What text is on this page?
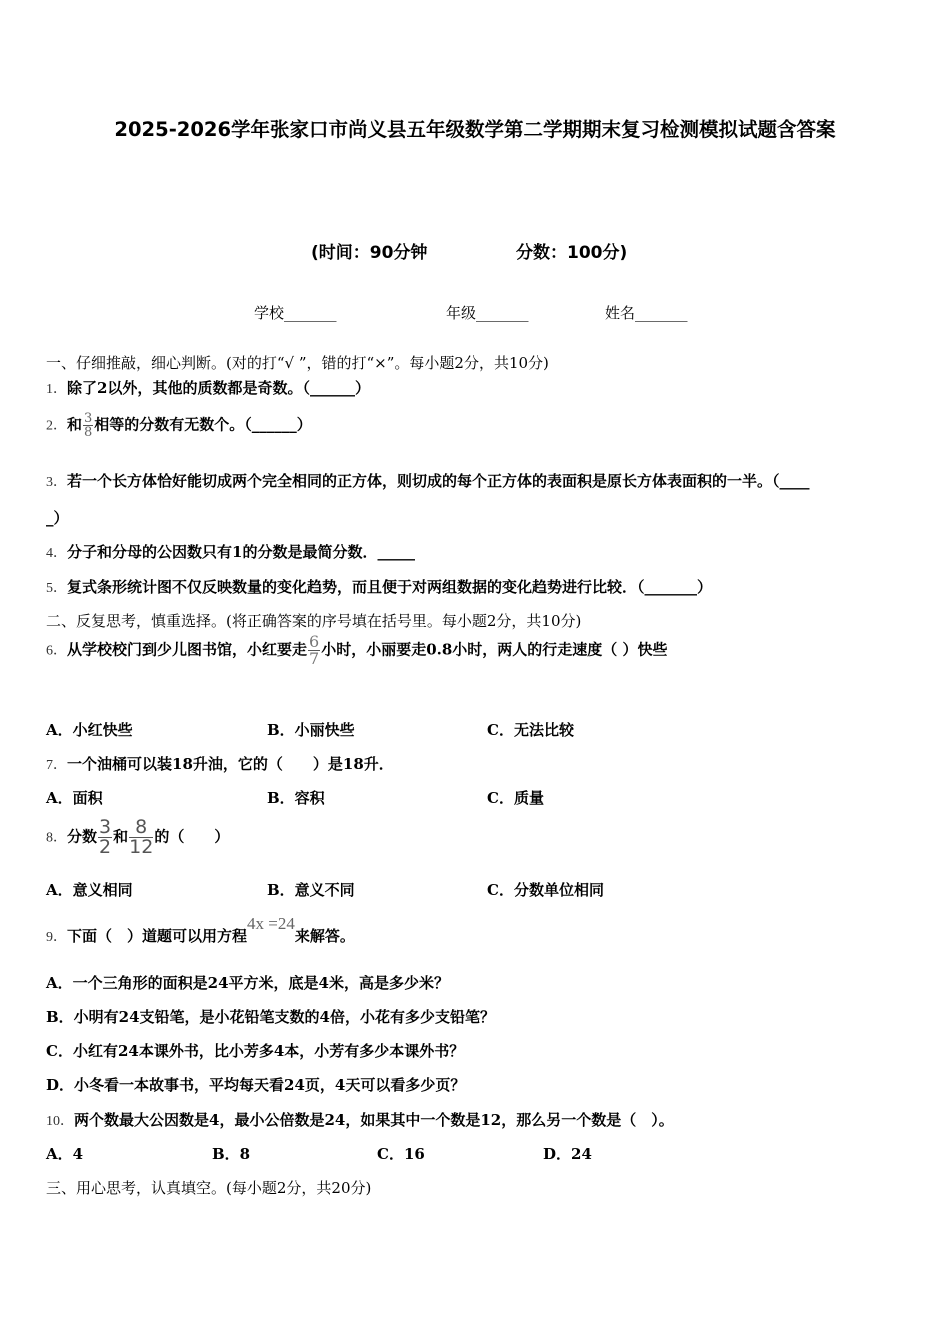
2025-2026学年张家口市尚义县五年级数学第二学期期末复习检测模拟试题含答案
(时间：90分钟	分数：100分)
学校_______	年级_______	姓名_______
一、仔细推敲，细心判断。(对的打“√ ”，错的打“×”。每小题2分，共10分)
1．除了2以外，其他的质数都是奇数。（______）
2．和 $\frac{3}{8}$ 相等的分数有无数个。（______）
3．若一个长方体恰好能切成两个完全相同的正方体，则切成的每个正方体的表面积是原长方体表面积的一半。（____
_）
4．分子和分母的公因数只有1的分数是最简分数．_____
5．复式条形统计图不仅反映数量的变化趋势，而且便于对两组数据的变化趋势进行比较．（_______）
二、反复思考，慎重选择。(将正确答案的序号填在括号里。每小题2分，共10分)
6．从学校校门到少儿图书馆，小红要走 $\frac{6}{7}$ 小时，小丽要走0.8小时，两人的行走速度（ ）快些
A．小红快些	B．小丽快些	C．无法比较
7．一个油桶可以装18升油，它的（　　）是18升．
A．面积	B．容积	C．质量
8．分数 $\frac{3}{2}$ 和 $\frac{8}{12}$ 的（　　）
A．意义相同	B．意义不同	C．分数单位相同
9．下面（　）道题可以用方程4x =24来解答。
A．一个三角形的面积是24平方米，底是4米，高是多少米？
B．小明有24支铅笔，是小花铅笔支数的4倍，小花有多少支铅笔？
C．小红有24本课外书，比小芳多4本，小芳有多少本课外书？
D．小冬看一本故事书，平均每天看24页，4天可以看多少页？
10．两个数最大公因数是4，最小公倍数是24，如果其中一个数是12，那么另一个数是（　）。
A．4	B．8	C．16	D．24
三、用心思考，认真填空。(每小题2分，共20分)
